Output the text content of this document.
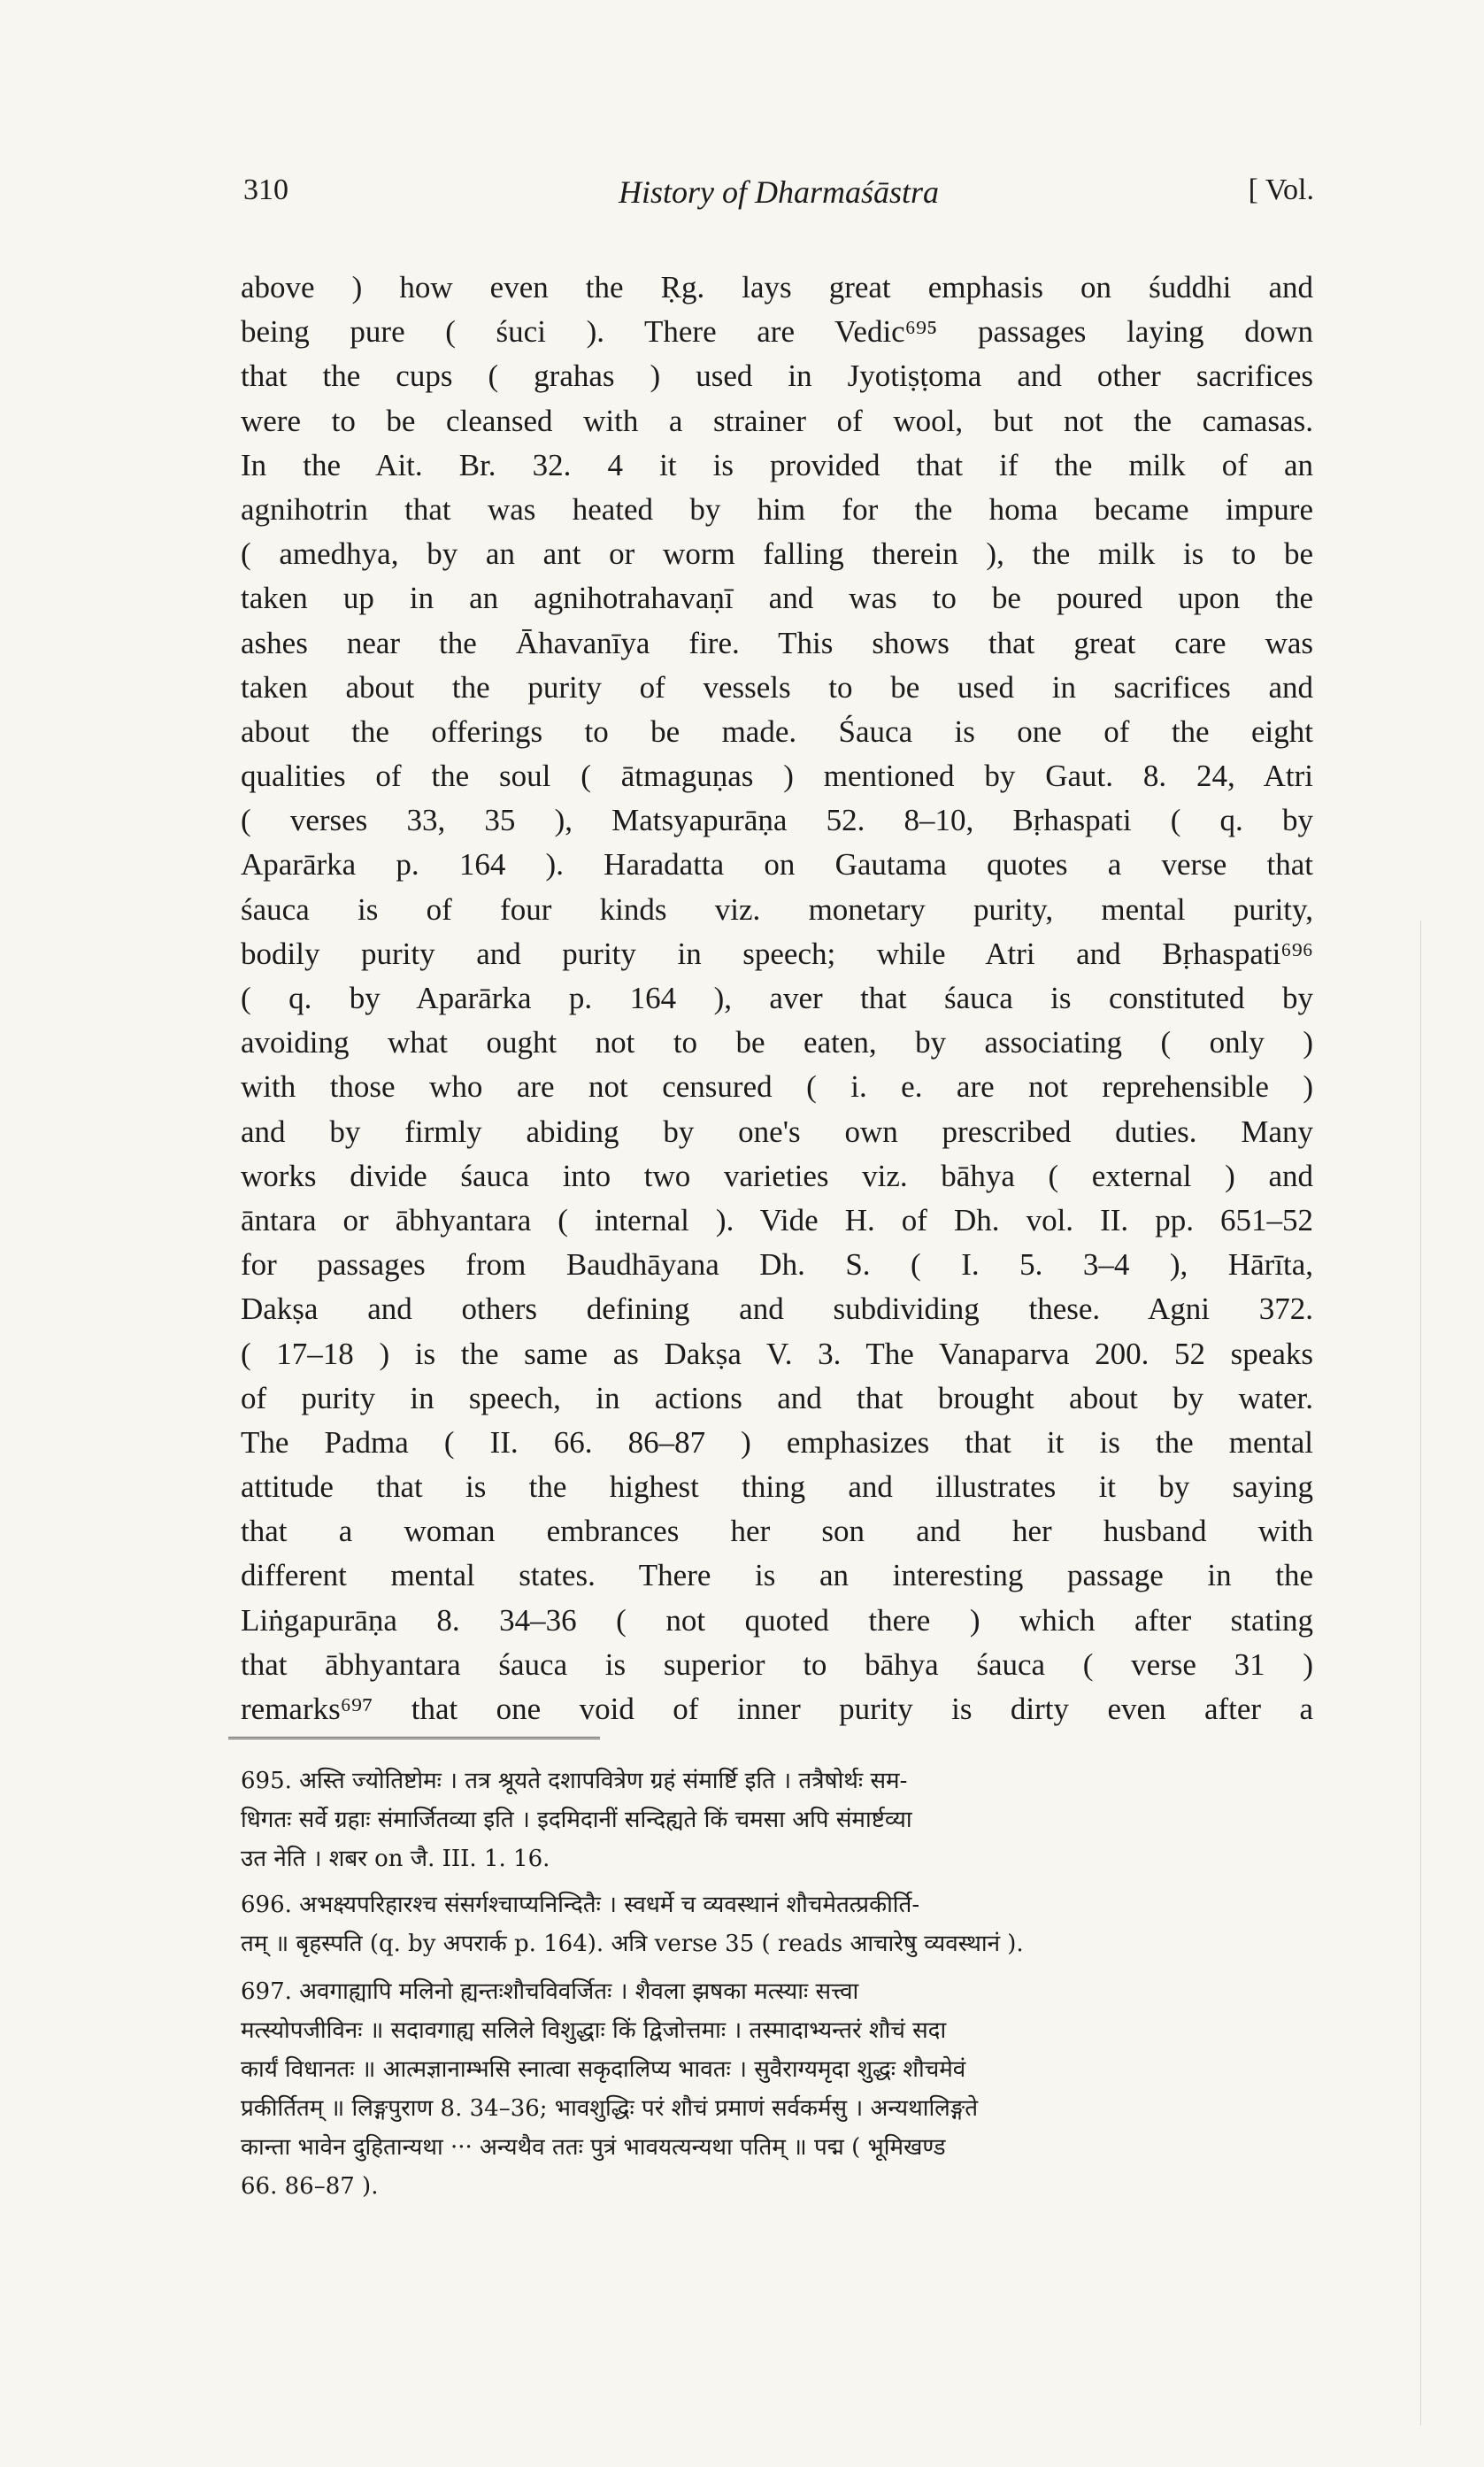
310	History of Dharmaśāstra	[ Vol.
above ) how even the Ṛg. lays great emphasis on śuddhi and
being pure ( śuci ). There are Vedic⁶⁹⁵ passages laying down
that the cups ( grahas ) used in Jyotiṣṭoma and other sacrifices
were to be cleansed with a strainer of wool, but not the camasas.
In the Ait. Br. 32. 4 it is provided that if the milk of an
agnihotrin that was heated by him for the homa became impure
( amedhya, by an ant or worm falling therein ), the milk is to be
taken up in an agnihotrahavaṇī and was to be poured upon the
ashes near the Āhavanīya fire. This shows that great care was
taken about the purity of vessels to be used in sacrifices and
about the offerings to be made. Śauca is one of the eight
qualities of the soul ( ātmaguṇas ) mentioned by Gaut. 8. 24, Atri
( verses 33, 35 ), Matsyapurāṇa 52. 8–10, Bṛhaspati ( q. by
Aparārka p. 164 ). Haradatta on Gautama quotes a verse that
śauca is of four kinds viz. monetary purity, mental purity,
bodily purity and purity in speech; while Atri and Bṛhaspati⁶⁹⁶
( q. by Aparārka p. 164 ), aver that śauca is constituted by
avoiding what ought not to be eaten, by associating ( only )
with those who are not censured ( i. e. are not reprehensible )
and by firmly abiding by one's own prescribed duties. Many
works divide śauca into two varieties viz. bāhya ( external ) and
āntara or ābhyantara ( internal ). Vide H. of Dh. vol. II. pp. 651–52
for passages from Baudhāyana Dh. S. ( I. 5. 3–4 ), Hārīta,
Dakṣa and others defining and subdividing these. Agni 372.
( 17–18 ) is the same as Dakṣa V. 3. The Vanaparva 200. 52 speaks
of purity in speech, in actions and that brought about by water.
The Padma ( II. 66. 86–87 ) emphasizes that it is the mental
attitude that is the highest thing and illustrates it by saying
that a woman embrances her son and her husband with
different mental states. There is an interesting passage in the
Liṅgapurāṇa 8. 34–36 ( not quoted there ) which after stating
that ābhyantara śauca is superior to bāhya śauca ( verse 31 )
remarks⁶⁹⁷ that one void of inner purity is dirty even after a

695. अस्ति ज्योतिष्टोमः । तत्र श्रूयते दशापवित्रेण ग्रहं संमार्ष्टि इति । तत्रैषोर्थः सम-

धिगतः सर्वे ग्रहाः संमार्जितव्या इति । इदमिदानीं सन्दिह्यते किं चमसा अपि संमार्ष्टव्या

उत नेति । शबर on जै. III. 1. 16.

696. अभक्ष्यपरिहारश्च संसर्गश्चाप्यनिन्दितैः । स्वधर्मे च व्यवस्थानं शौचमेतत्प्रकीर्ति-

तम् ॥ बृहस्पति (q. by अपरार्क p. 164). अत्रि verse 35 ( reads आचारेषु व्यवस्थानं ).

697. अवगाह्यापि मलिनो ह्यन्तःशौचविवर्जितः । शैवला झषका मत्स्याः सत्त्वा

मत्स्योपजीविनः ॥ सदावगाह्य सलिले विशुद्धाः किं द्विजोत्तमाः । तस्मादाभ्यन्तरं शौचं सदा

कार्यं विधानतः ॥ आत्मज्ञानाम्भसि स्नात्वा सकृदालिप्य भावतः । सुवैराग्यमृदा शुद्धः शौचमेवं

प्रकीर्तितम् ॥ लिङ्गपुराण 8. 34–36; भावशुद्धिः परं शौचं प्रमाणं सर्वकर्मसु । अन्यथालिङ्गते

कान्ता भावेन दुहितान्यथा ··· अन्यथैव ततः पुत्रं भावयत्यन्यथा पतिम् ॥ पद्म ( भूमिखण्ड

66. 86–87 ).
